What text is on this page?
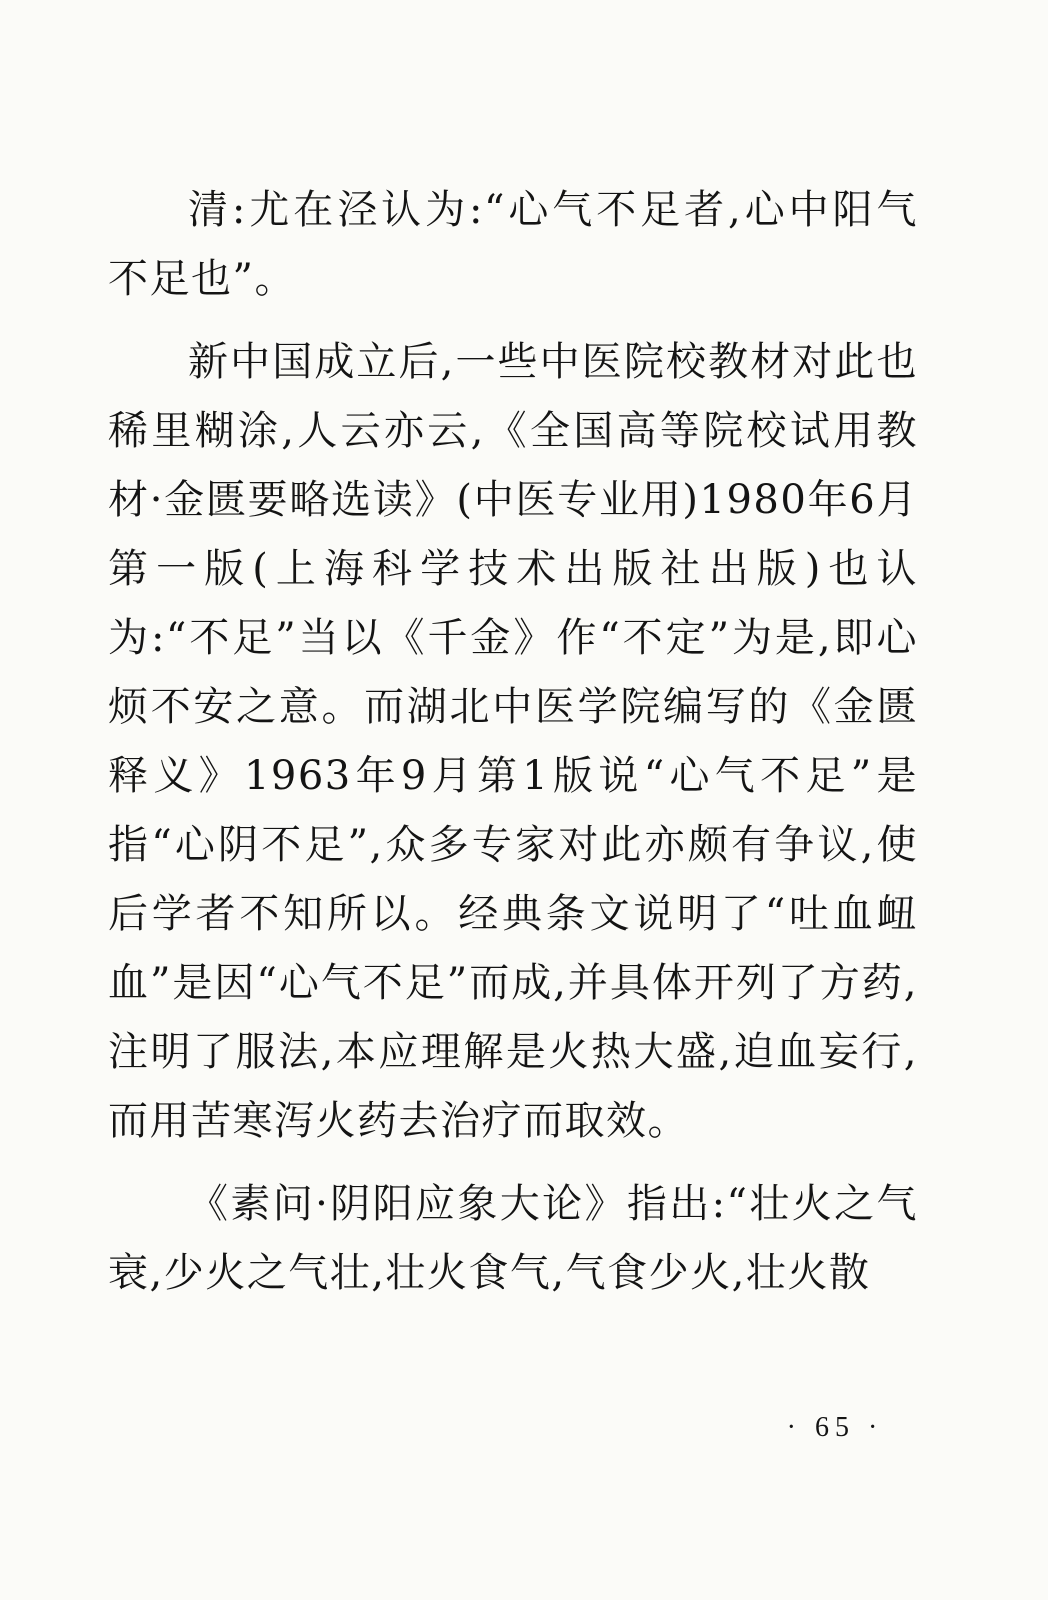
清:尤在泾认为:“心气不足者,心中阳气不足也”。

新中国成立后,一些中医院校教材对此也稀里糊涂,人云亦云,《全国高等院校试用教材·金匮要略选读》(中医专业用)1980年6月第一版(上海科学技术出版社出版)也认为:“不足”当以《千金》作“不定”为是,即心烦不安之意。而湖北中医学院编写的《金匮释义》1963年9月第1版说“心气不足”是指“心阴不足”,众多专家对此亦颇有争议,使后学者不知所以。经典条文说明了“吐血衄血”是因“心气不足”而成,并具体开列了方药,注明了服法,本应理解是火热大盛,迫血妄行,而用苦寒泻火药去治疗而取效。

《素问·阴阳应象大论》指出:“壮火之气衰,少火之气壮,壮火食气,气食少火,壮火散

· 65 ·
